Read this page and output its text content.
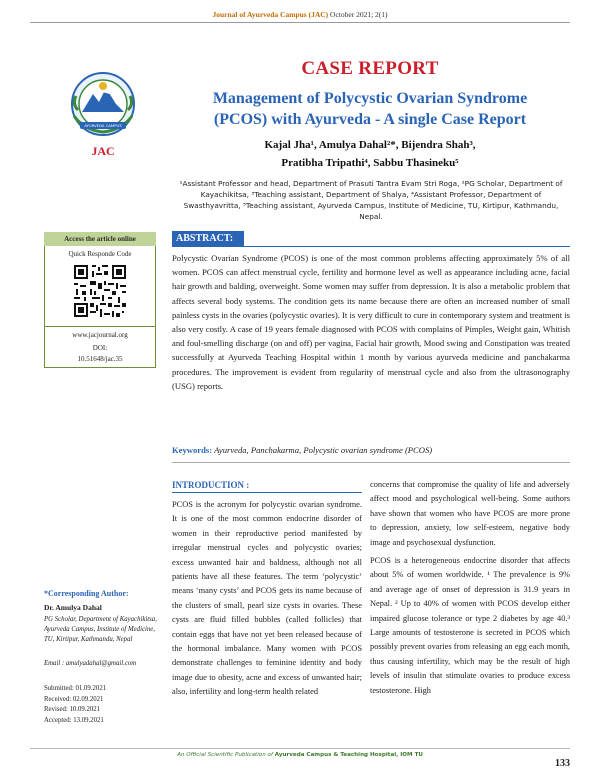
Journal of Ayurveda Campus (JAC) October 2021; 2(1)
AYURVEDA CAMPUS
JAC
CASE REPORT
Management of Polycystic Ovarian Syndrome
(PCOS) with Ayurveda - A single Case Report
Kajal Jha¹, Amulya Dahal²*, Bijendra Shah³,
Pratibha Tripathi⁴, Sabbu Thasineku⁵
¹Assistant Professor and head, Department of Prasuti Tantra Evam Stri Roga, ²PG Scholar, Department of Kayachikitsa, ³Teaching assistant, Department of Shalya, ⁴Assistant Professor, Department of Swasthyavritta, ⁵Teaching assistant, Ayurveda Campus, Institute of Medicine, TU, Kirtipur, Kathmandu, Nepal.
Access the article online
Quick Responde Code
www.jacjournal.org
DOI:
10.51648/jac.35
ABSTRACT:
Polycystic Ovarian Syndrome (PCOS) is one of the most common problems affecting approximately 5% of all women. PCOS can affect menstrual cycle, fertility and hormone level as well as appearance including acne, facial hair growth and balding, overweight. Some women may suffer from depression. It is also a metabolic problem that affects several body systems. The condition gets its name because there are often an increased number of small painless cysts in the ovaries (polycystic ovaries). It is very difficult to cure in contemporary system and treatment is also very costly. A case of 19 years female diagnosed with PCOS with complains of Pimples, Weight gain, Whitish and foul-smelling discharge (on and off) per vagina, Facial hair growth, Mood swing and Constipation was treated successfully at Ayurveda Teaching Hospital within 1 month by various ayurveda medicine and panchakarma procedures. The improvement is evident from regularity of menstrual cycle and also from the ultrasonography (USG) reports.
Keywords: Ayurveda, Panchakarma, Polycystic ovarian syndrome (PCOS)
INTRODUCTION :

PCOS is the acronym for polycystic ovarian syndrome. It is one of the most common endocrine disorder of women in their reproductive period manifested by irregular menstrual cycles and polycystic ovaries; excess unwanted hair and baldness, although not all patients have all these features. The term ‘polycystic’ means ‘many cysts’ and PCOS gets its name because of the clusters of small, pearl size cysts in ovaries. These cysts are fluid filled bubbles (called follicles) that contain eggs that have not yet been released because of the hormonal imbalance. Many women with PCOS demonstrate challenges to feminine identity and body image due to obesity, acne and excess of unwanted hair; also, infertility and long-term health related

concerns that compromise the quality of life and adversely affect mood and psychological well-being. Some authors have shown that women who have PCOS are more prone to depression, anxiety, low self-esteem, negative body image and psychosexual dysfunction.

PCOS is a heterogeneous endocrine disorder that affects about 5% of women worldwide. ¹ The prevalence is 9% and average age of onset of depression is 31.9 years in Nepal. ² Up to 40% of women with PCOS develop either impaired glucose tolerance or type 2 diabetes by age 40.³ Large amounts of testosterone is secreted in PCOS which possibly prevent ovaries from releasing an egg each month, thus causing infertility, which may be the result of high levels of insulin that stimulate ovaries to produce excess testosterone. High

*Corresponding Author:
Dr. Amulya Dahal
PG Scholar, Department of Kayachikitsa, Ayurveda Campus, Institute of Medicine, TU, Kirtipur, Kathmandu, Nepal
Email : amulyadahal@gmail.com
Submitted: 01.09.2021
Received: 02.09.2021
Revised: 10.09.2021
Accepted: 13.09.2021
An Official Scientific Publication of Ayurveda Campus & Teaching Hospital, IOM TU
133
